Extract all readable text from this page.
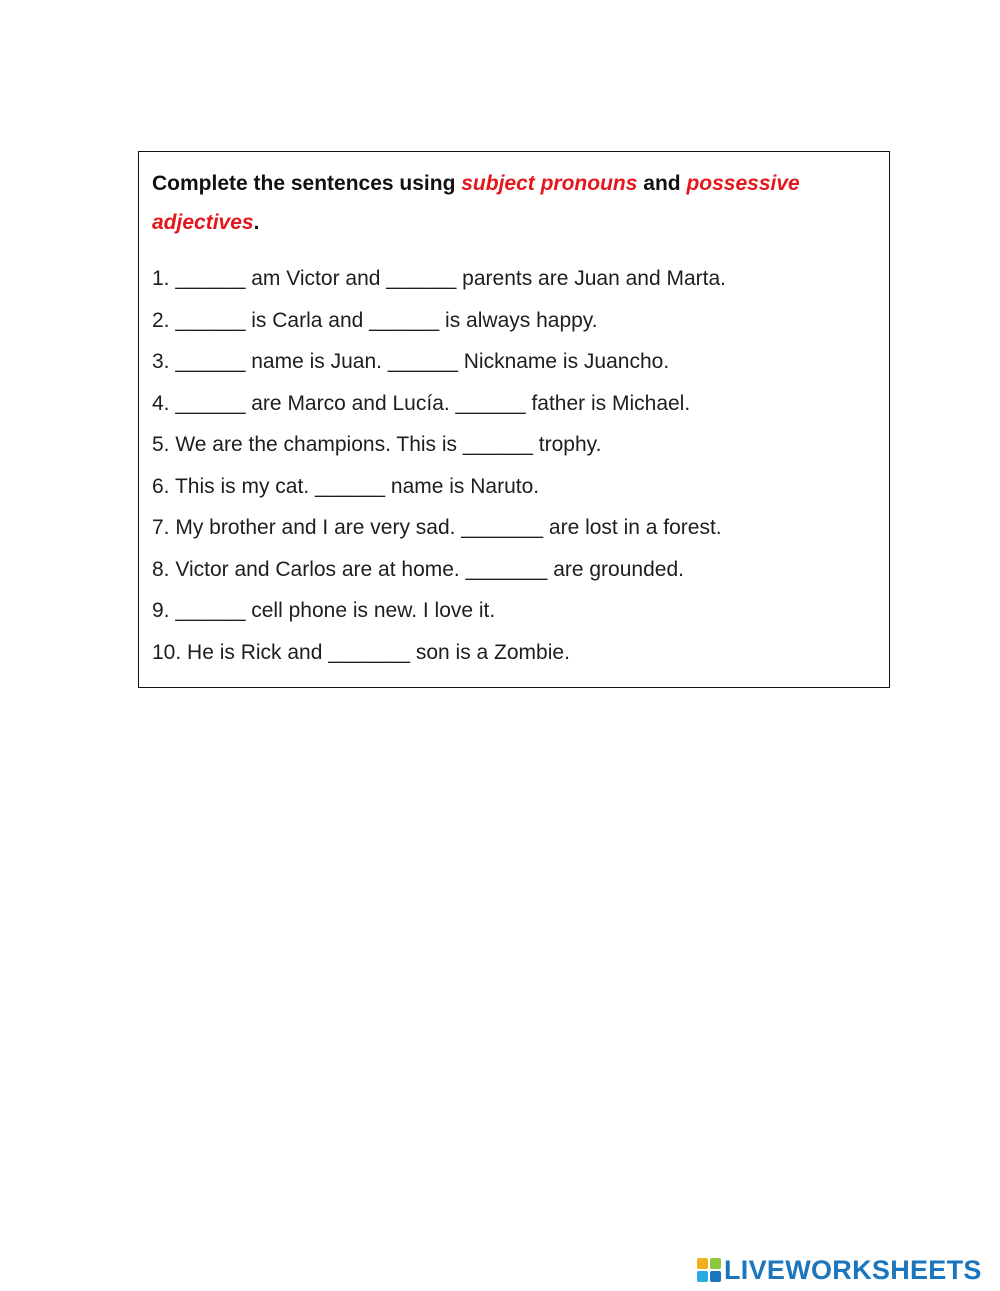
Complete the sentences using subject pronouns and possessive adjectives.
1. ______ am Victor and ______ parents are Juan and Marta.
2. ______ is Carla and ______ is always happy.
3. ______ name is Juan. ______ Nickname is Juancho.
4. ______ are Marco and Lucía. ______ father is Michael.
5. We are the champions. This is ______ trophy.
6. This is my cat. ______ name is Naruto.
7. My brother and I are very sad. _______ are lost in a forest.
8. Victor and Carlos are at home. _______ are grounded.
9. ______ cell phone is new. I love it.
10. He is Rick and _______ son is a Zombie.
LIVEWORKSHEETS
